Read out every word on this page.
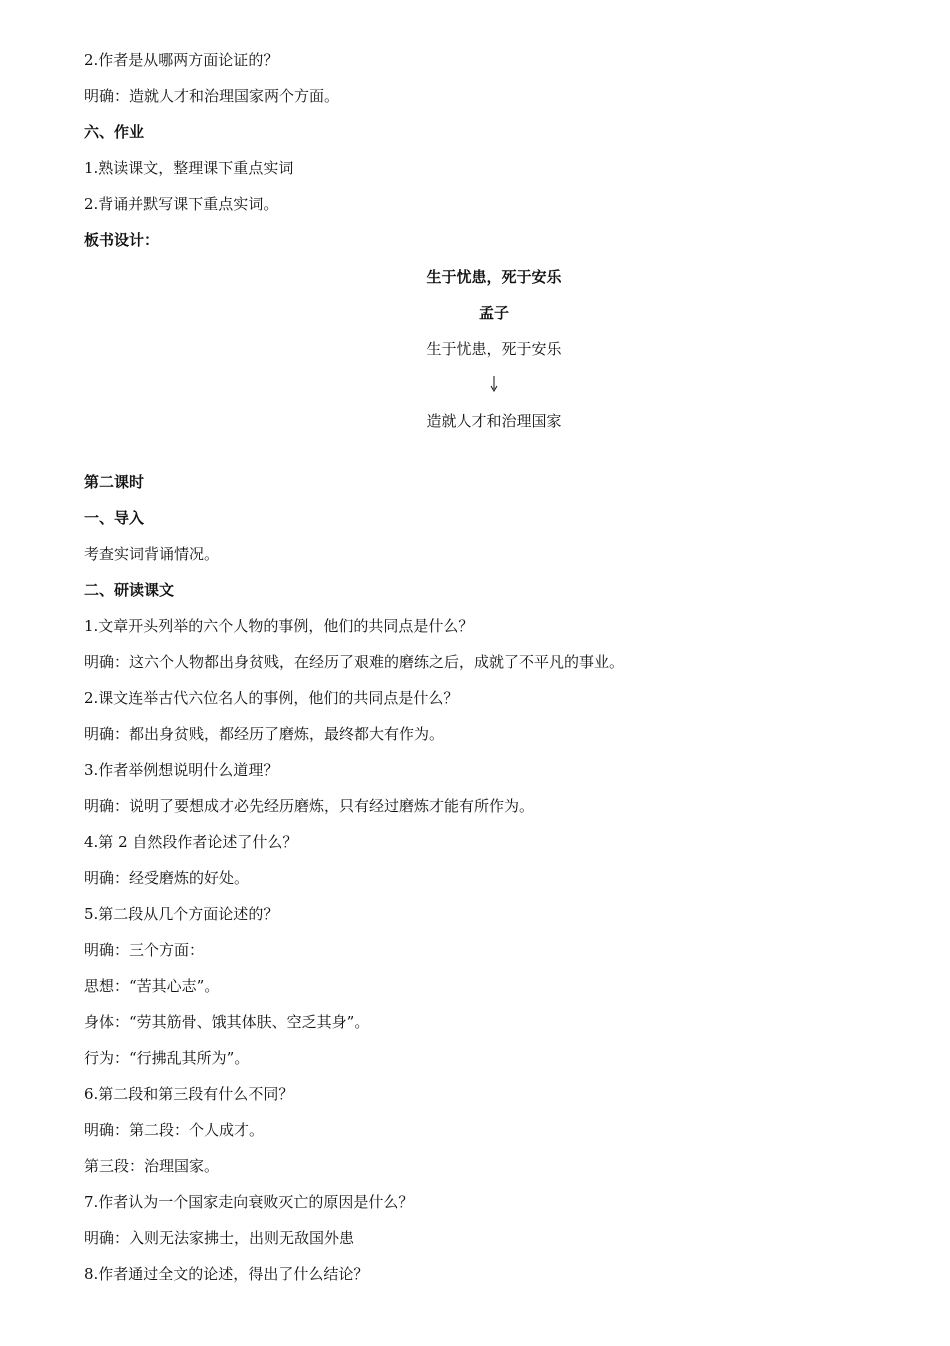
2.作者是从哪两方面论证的？
明确：造就人才和治理国家两个方面。
六、作业
1.熟读课文，整理课下重点实词
2.背诵并默写课下重点实词。
板书设计：
生于忧患，死于安乐
孟子
生于忧患，死于安乐
造就人才和治理国家
第二课时
一、导入
考查实词背诵情况。
二、研读课文
1.文章开头列举的六个人物的事例，他们的共同点是什么？
明确：这六个人物都出身贫贱，在经历了艰难的磨练之后，成就了不平凡的事业。
2.课文连举古代六位名人的事例，他们的共同点是什么？
明确：都出身贫贱，都经历了磨炼，最终都大有作为。
3.作者举例想说明什么道理？
明确：说明了要想成才必先经历磨炼，只有经过磨炼才能有所作为。
4.第 2 自然段作者论述了什么？
明确：经受磨炼的好处。
5.第二段从几个方面论述的？
明确：三个方面：
思想：“苦其心志”。
身体：“劳其筋骨、饿其体肤、空乏其身”。
行为：“行拂乱其所为”。
6.第二段和第三段有什么不同？
明确：第二段：个人成才。
第三段：治理国家。
7.作者认为一个国家走向衰败灭亡的原因是什么？
明确：入则无法家拂士，出则无敌国外患
8.作者通过全文的论述，得出了什么结论？
